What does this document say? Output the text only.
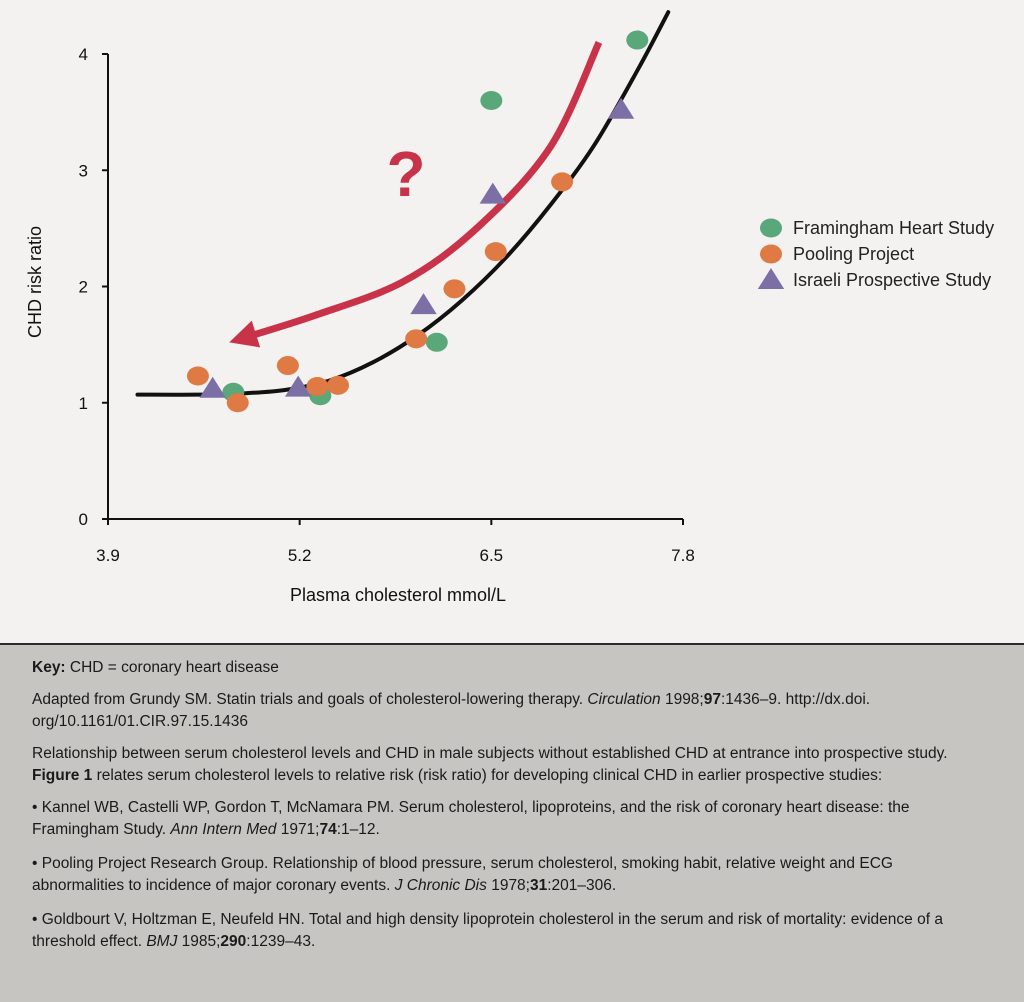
3.9	5.2	6.5	7.8
0
1
2
3
4
Plasma cholesterol mmol/L
CHD risk ratio
?
Framingham Heart Study
Pooling Project
Israeli Prospective Study

Key: CHD = coronary heart disease

Adapted from Grundy SM. Statin trials and goals of cholesterol-lowering therapy. Circulation 1998;97:1436–9. http://dx.doi. org/10.1161/01.CIR.97.15.1436

Relationship between serum cholesterol levels and CHD in male subjects without established CHD at entrance into prospective study. Figure 1 relates serum cholesterol levels to relative risk (risk ratio) for developing clinical CHD in earlier prospective studies:

• Kannel WB, Castelli WP, Gordon T, McNamara PM. Serum cholesterol, lipoproteins, and the risk of coronary heart disease: the Framingham Study. Ann Intern Med 1971;74:1–12.

• Pooling Project Research Group. Relationship of blood pressure, serum cholesterol, smoking habit, relative weight and ECG abnormalities to incidence of major coronary events. J Chronic Dis 1978;31:201–306.

• Goldbourt V, Holtzman E, Neufeld HN. Total and high density lipoprotein cholesterol in the serum and risk of mortality: evidence of a threshold effect. BMJ 1985;290:1239–43.
